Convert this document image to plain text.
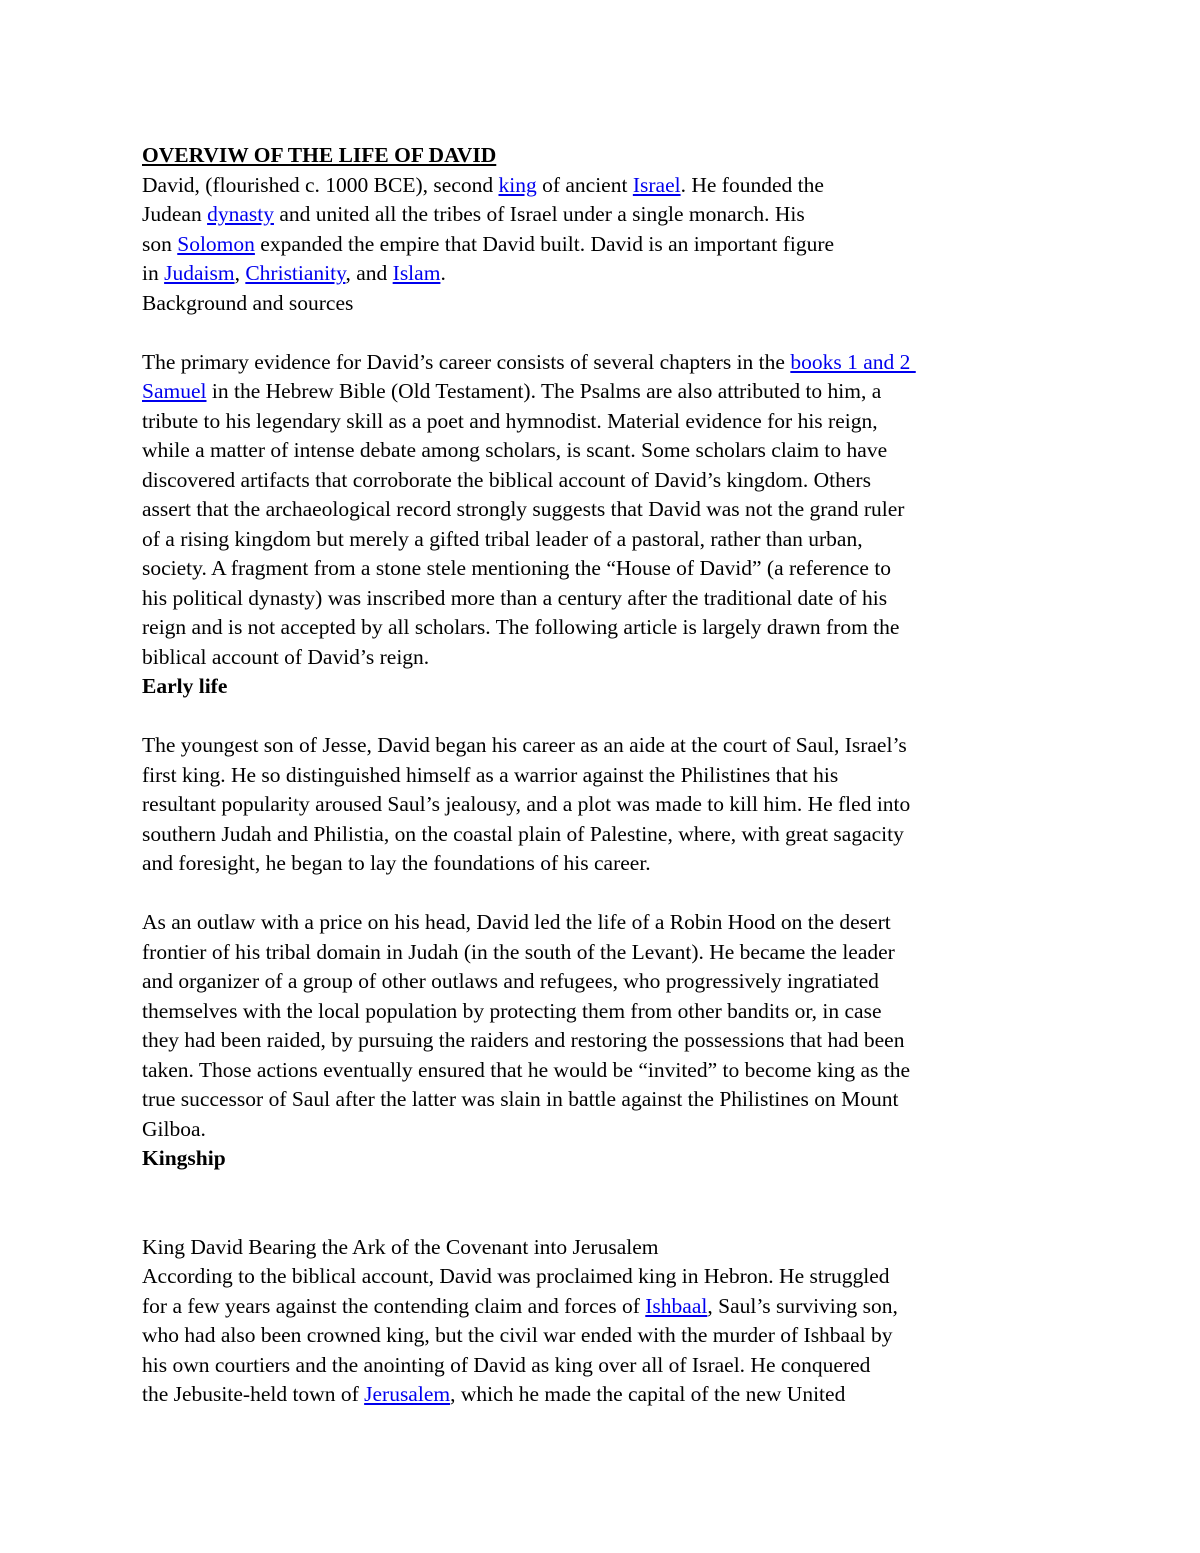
OVERVIW OF THE LIFE OF DAVID
David, (flourished c. 1000 BCE), second king of ancient Israel. He founded the
Judean dynasty and united all the tribes of Israel under a single monarch. His
son Solomon expanded the empire that David built. David is an important figure
in Judaism, Christianity, and Islam.
Background and sources
The primary evidence for David’s career consists of several chapters in the books 1 and 2
Samuel in the Hebrew Bible (Old Testament). The Psalms are also attributed to him, a
tribute to his legendary skill as a poet and hymnodist. Material evidence for his reign,
while a matter of intense debate among scholars, is scant. Some scholars claim to have
discovered artifacts that corroborate the biblical account of David’s kingdom. Others
assert that the archaeological record strongly suggests that David was not the grand ruler
of a rising kingdom but merely a gifted tribal leader of a pastoral, rather than urban,
society. A fragment from a stone stele mentioning the “House of David” (a reference to
his political dynasty) was inscribed more than a century after the traditional date of his
reign and is not accepted by all scholars. The following article is largely drawn from the
biblical account of David’s reign.
Early life
The youngest son of Jesse, David began his career as an aide at the court of Saul, Israel’s
first king. He so distinguished himself as a warrior against the Philistines that his
resultant popularity aroused Saul’s jealousy, and a plot was made to kill him. He fled into
southern Judah and Philistia, on the coastal plain of Palestine, where, with great sagacity
and foresight, he began to lay the foundations of his career.
As an outlaw with a price on his head, David led the life of a Robin Hood on the desert
frontier of his tribal domain in Judah (in the south of the Levant). He became the leader
and organizer of a group of other outlaws and refugees, who progressively ingratiated
themselves with the local population by protecting them from other bandits or, in case
they had been raided, by pursuing the raiders and restoring the possessions that had been
taken. Those actions eventually ensured that he would be “invited” to become king as the
true successor of Saul after the latter was slain in battle against the Philistines on Mount
Gilboa.
Kingship
King David Bearing the Ark of the Covenant into Jerusalem
According to the biblical account, David was proclaimed king in Hebron. He struggled
for a few years against the contending claim and forces of Ishbaal, Saul’s surviving son,
who had also been crowned king, but the civil war ended with the murder of Ishbaal by
his own courtiers and the anointing of David as king over all of Israel. He conquered
the Jebusite-held town of Jerusalem, which he made the capital of the new United
